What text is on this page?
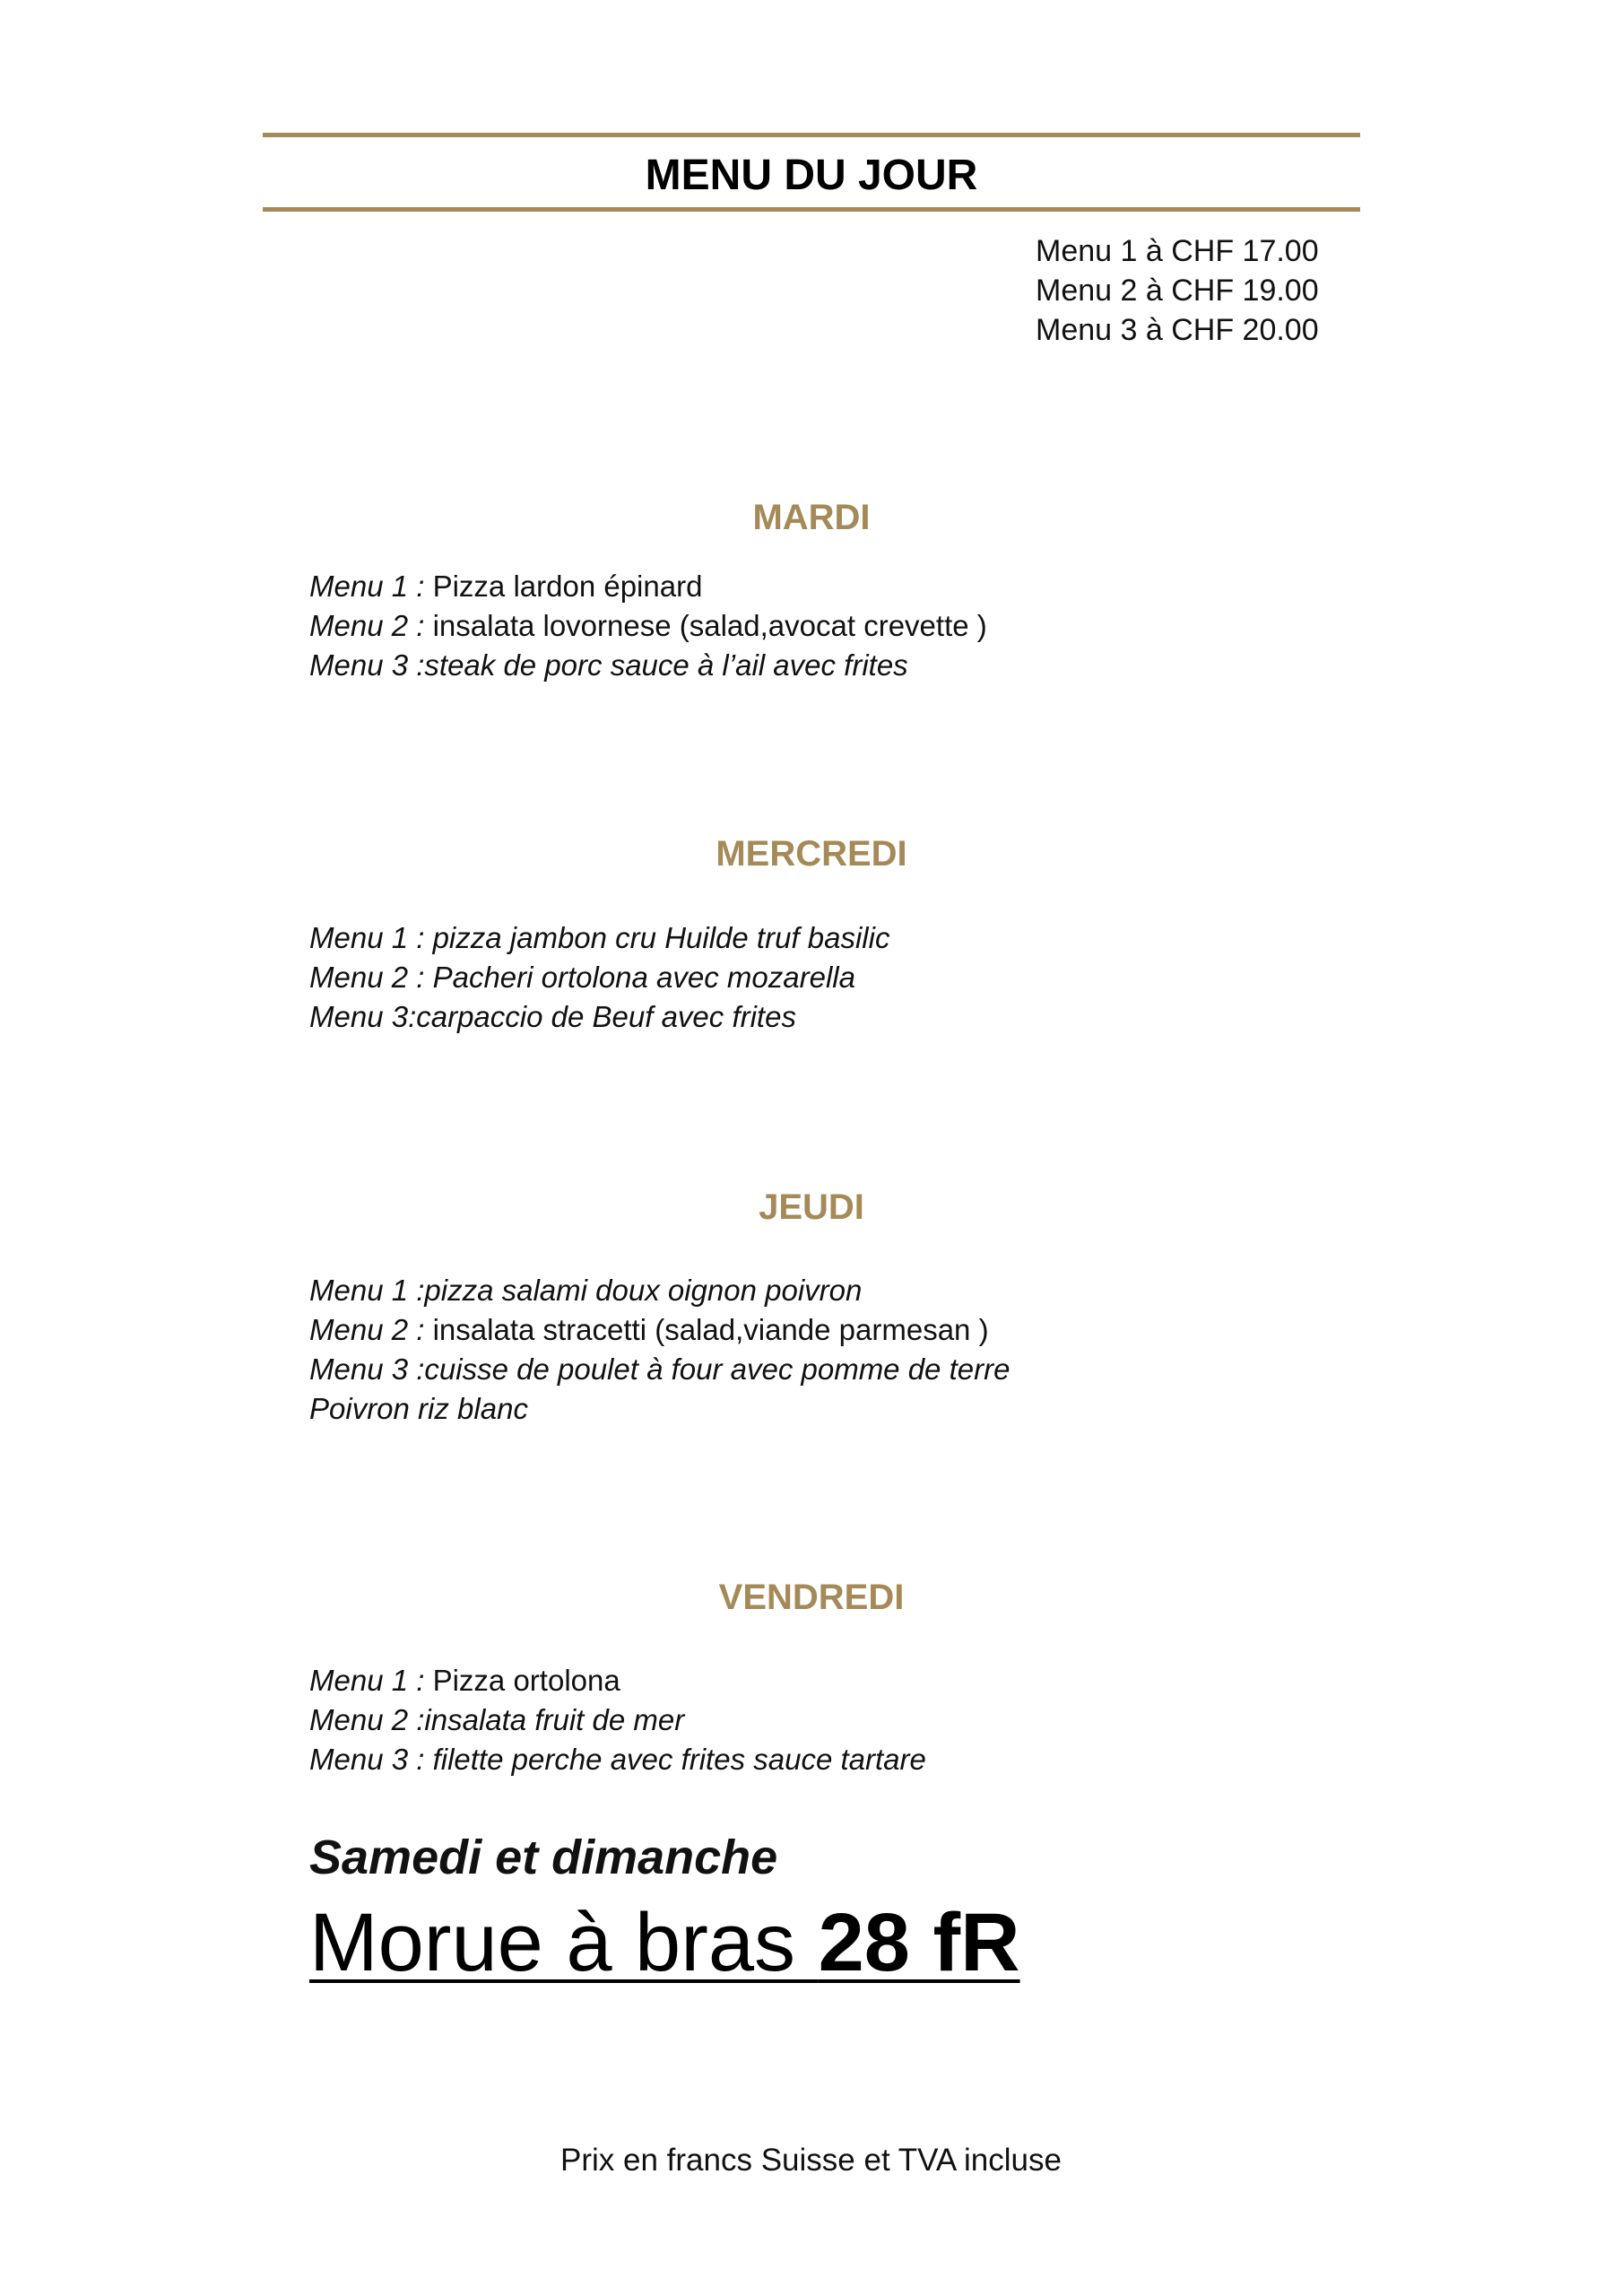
MENU DU JOUR
Menu 1 à CHF 17.00
Menu 2 à CHF 19.00
Menu 3 à CHF 20.00
MARDI
Menu 1 : Pizza lardon épinard
Menu 2 : insalata lovornese (salad,avocat crevette )
Menu 3 :steak de porc sauce à l’ail avec frites
MERCREDI
Menu 1 : pizza jambon cru Huilde truf basilic
Menu 2 : Pacheri ortolona avec mozarella
Menu 3:carpaccio de Beuf avec frites
JEUDI
Menu 1 :pizza salami doux oignon poivron
Menu 2 : insalata stracetti (salad,viande parmesan )
Menu 3 :cuisse de poulet à four avec pomme de terre
Poivron riz blanc
VENDREDI
Menu 1 : Pizza ortolona
Menu 2 :insalata fruit de mer
Menu 3 : filette perche avec frites sauce tartare
Samedi et dimanche
Morue à bras 28 fR
Prix en francs Suisse et TVA incluse
